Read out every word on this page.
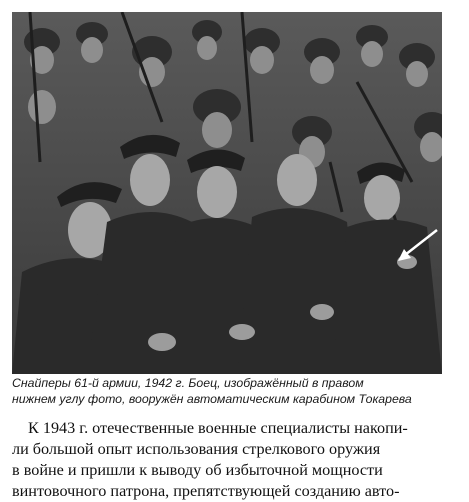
Снайперы 61-й армии, 1942 г. Боец, изображённый в правом
нижнем углу фото, вооружён автоматическим карабином Токарева
К 1943 г. отечественные военные специалисты накопи-
ли большой опыт использования стрелкового оружия
в войне и пришли к выводу об избыточной мощности
винтовочного патрона, препятствующей созданию авто-
